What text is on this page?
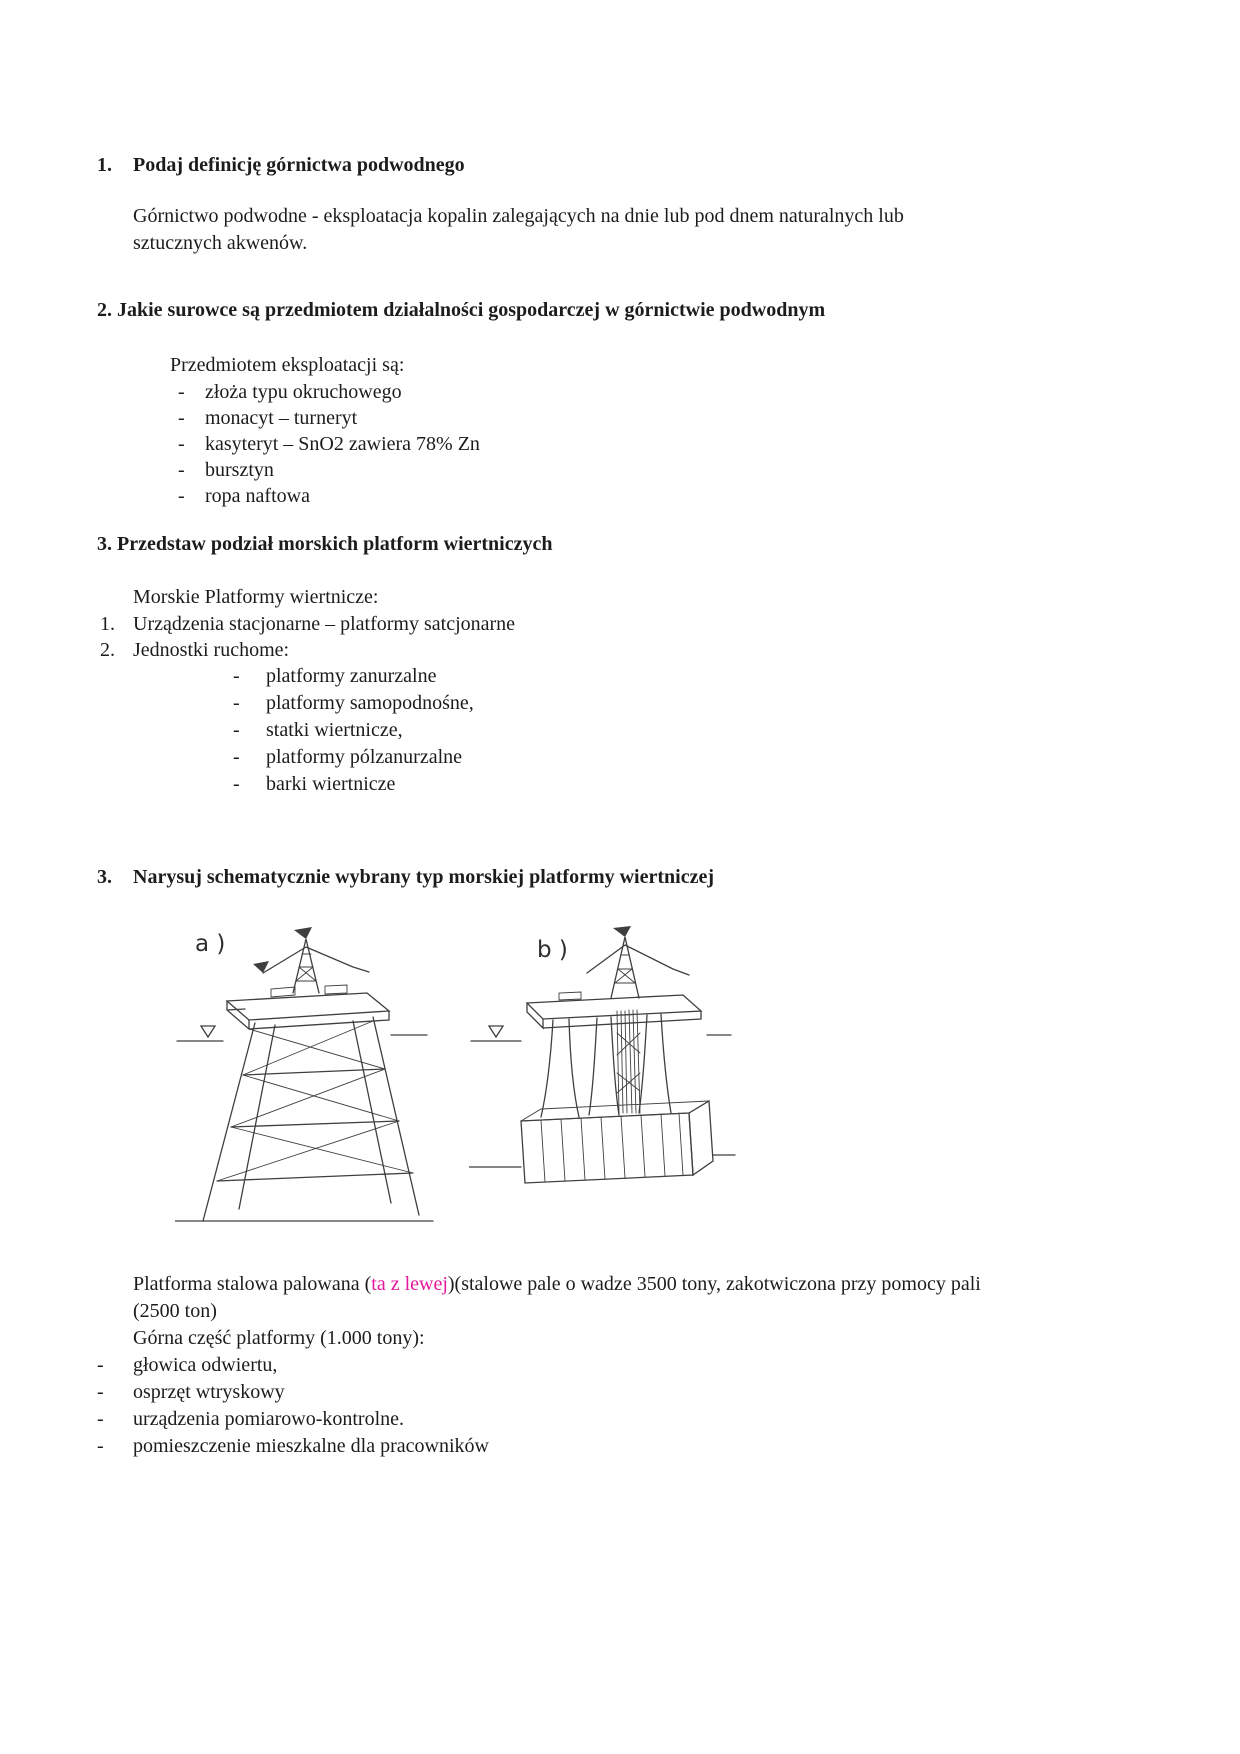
1.	Podaj definicję górnictwa podwodnego

Górnictwo podwodne - eksploatacja kopalin zalegających na dnie lub pod dnem naturalnych lub sztucznych akwenów.

2. Jakie surowce są przedmiotem działalności gospodarczej w górnictwie podwodnym
Przedmiotem eksploatacji są:
-	złoża typu okruchowego
-	monacyt – turneryt
-	kasyteryt – SnO2 zawiera 78% Zn
-	bursztyn
-	ropa naftowa
3. Przedstaw podział morskich platform wiertniczych
Morskie Platformy wiertnicze:
1. Urządzenia stacjonarne – platformy satcjonarne
2. Jednostki ruchome:
-	platformy zanurzalne
-	platformy samopodnośne,
-	statki wiertnicze,
-	platformy pólzanurzalne
-	barki wiertnicze
3.	Narysuj schematycznie wybrany typ morskiej platformy wiertniczej
a )	b )

Platforma stalowa palowana (ta z lewej)(stalowe pale o wadze 3500 tony, zakotwiczona przy pomocy pali (2500 ton)

Górna część platformy (1.000 tony):
-	głowica odwiertu,
-	osprzęt wtryskowy
-	urządzenia pomiarowo-kontrolne.
-	pomieszczenie mieszkalne dla pracowników
